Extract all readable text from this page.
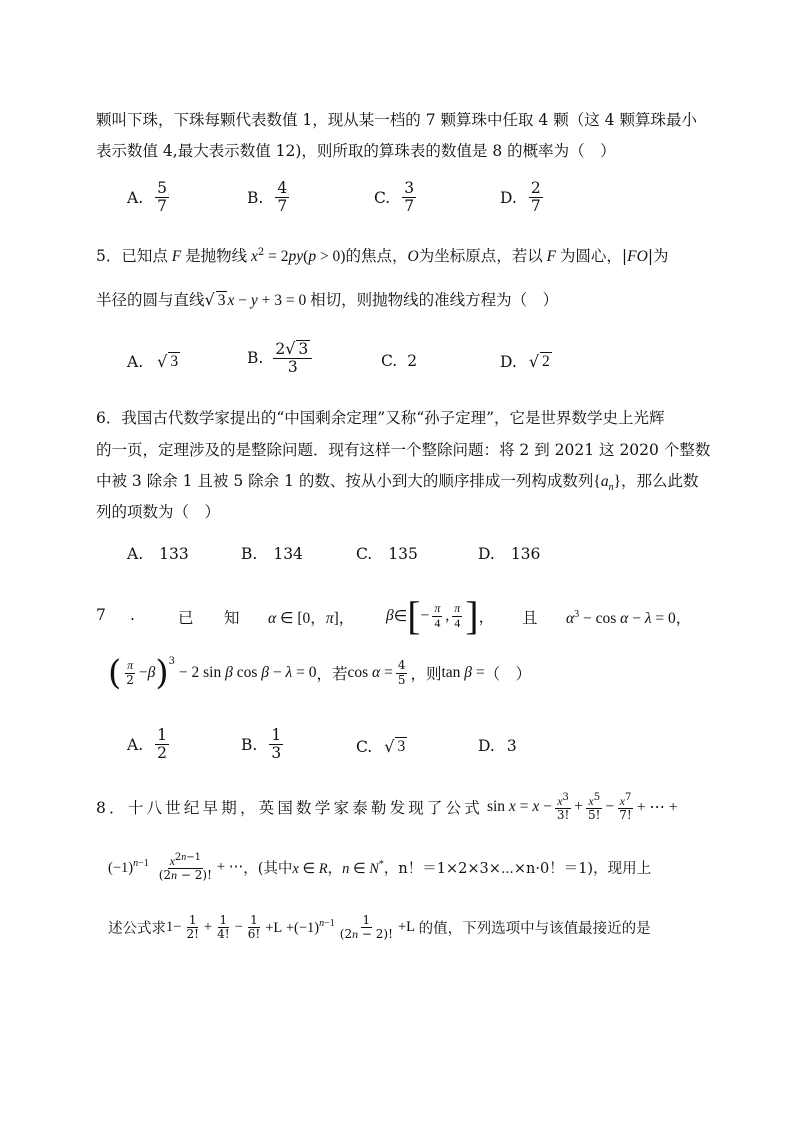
颗叫下珠，下珠每颗代表数值 1，现从某一档的 7 颗算珠中任取 4 颗（这 4 颗算珠最小
表示数值 4,最大表示数值 12)，则所取的算珠表的数值是 8 的概率为（　）
A. $\frac{5}{7}$	B. $\frac{4}{7}$	C. $\frac{3}{7}$	D. $\frac{2}{7}$
5．已知点 F 是抛物线 $x^2 = 2py(p > 0)$的焦点，O为坐标原点，若以 F 为圆心，|FO|为
半径的圆与直线√ 3 x − y + 3 = 0 相切，则抛物线的准线方程为（　）
A. √ 3	B. $\frac{2√ 3}{3}$	C. 2	D. √ 2
6．我国古代数学家提出的“中国剩余定理”又称“孙子定理”，它是世界数学史上光辉
的一页，定理涉及的是整除问题．现有这样一个整除问题：将 2 到 2021 这 2020 个整数
中被 3 除余 1 且被 5 除余 1 的数、按从小到大的顺序排成一列构成数列$\{a_n\}$，那么此数
列的项数为（　）
A. 133	B. 134	C. 135	D. 136
7 .	已 知 α ∈ [0，π]， β ∈ [ − $\frac{\pi}{4}$ , $\frac{\pi}{4}$ ] ， 且 $\alpha^3 - \cos \alpha - \lambda = 0$，
( $\frac{\pi}{2} - \beta$ )$^3$
− 2 sin β cos β − λ = 0 ，若 $\cos \alpha = \frac{4}{5}$ ，则 tan β = （　）
A. $\frac{1}{2}$	B. $\frac{1}{3}$	C. √ 3	D. 3
8．十八世纪早期，英国数学家泰勒发现了公式 $\sin x = x - \frac{x^3}{3!} + \frac{x^5}{5!} - \frac{x^7}{7!}$ + ⋯ +
$(-1)^{n-1} \frac{x^{2n-1}}{(2n - 2)!}$ + ⋯ ，(其中 x ∈ R，n ∈ N* ，n！＝1×2×3×⋯×n·0！＝1)，现用上
述公式求 $1- \frac{1}{2!} + \frac{1}{4!} - \frac{1}{6!} +L +(-1)^{n-1} \frac{1}{(2n - 2)!} +L$ 的值，下列选项中与该值最接近的是
